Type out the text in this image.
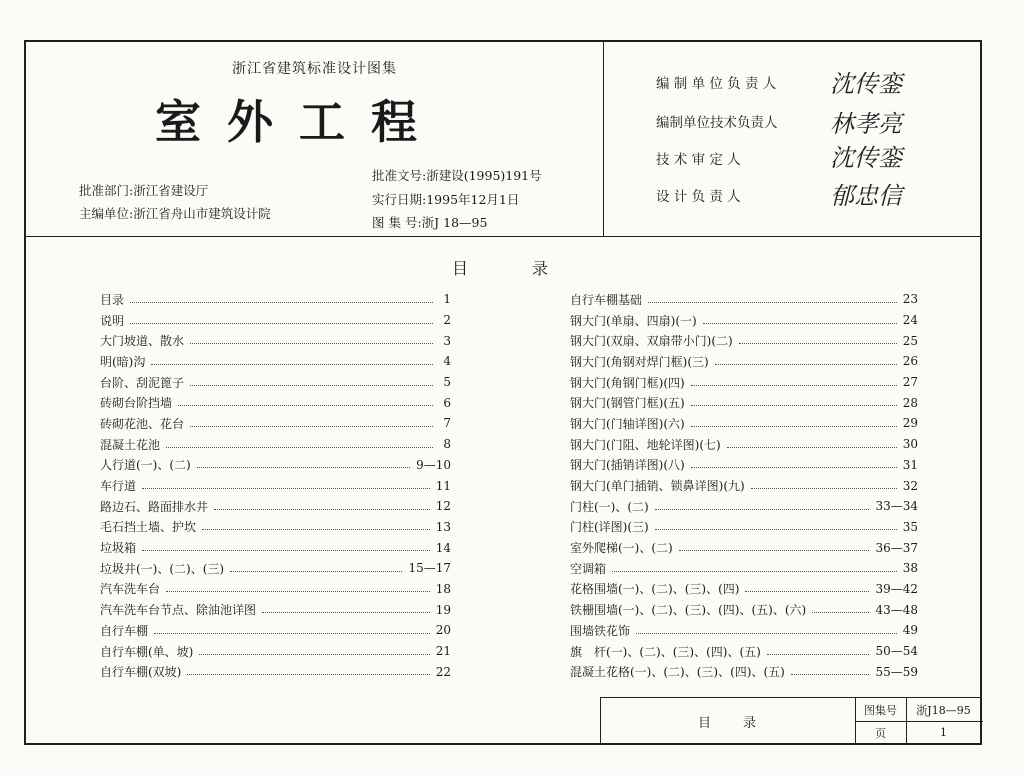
浙江省建筑标准设计图集
室外工程
批准部门:浙江省建设厅
主编单位:浙江省舟山市建筑设计院
批准文号:浙建设(1995)191号
实行日期:1995年12月1日
图 集 号:浙J 18—95
编 制 单 位 负 责 人 沈传銮
编制单位技术负责人 林孝亮
技 术 审 定 人	沈传銮
设 计 负 责 人	郁忠信
目　　　　录
目录	1
说明	2
大门坡道、散水	3
明(暗)沟	4
台阶、刮泥篦子	5
砖砌台阶挡墙	6
砖砌花池、花台	7
混凝土花池	8
人行道(一)、(二)	9—10
车行道	11
路边石、路面排水井	12
毛石挡土墙、护坎	13
垃圾箱	14
垃圾井(一)、(二)、(三)	15—17
汽车洗车台	18
汽车洗车台节点、除油池详图	19
自行车棚	20
自行车棚(单、坡)	21
自行车棚(双坡)	22
自行车棚基础	23
钢大门(单扇、四扇)(一)	24
钢大门(双扇、双扇带小门)(二)	25
钢大门(角钢对焊门框)(三)	26
钢大门(角钢门框)(四)	27
钢大门(钢管门框)(五)	28
钢大门(门轴详图)(六)	29
钢大门(门阻、地轮详图)(七)	30
钢大门(插销详图)(八)	31
钢大门(单门插销、锁鼻详图)(九)	32
门柱(一)、(二)	33—34
门柱(详图)(三)	35
室外爬梯(一)、(二)	36—37
空调箱	38
花格围墙(一)、(二)、(三)、(四)	39—42
铁栅围墙(一)、(二)、(三)、(四)、(五)、(六)	43—48
围墙铁花饰	49
旗　杆(一)、(二)、(三)、(四)、(五)	50—54
混凝土花格(一)、(二)、(三)、(四)、(五)	55—59
目　　录
图集号	浙J18—95
页	1
